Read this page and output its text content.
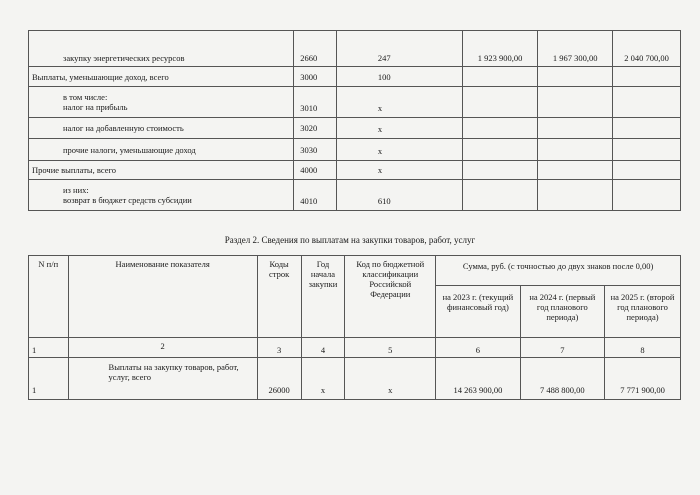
закупку энергетических ресурсов	2660	247	1 923 900,00	1 967 300,00	2 040 700,00
Выплаты, уменьшающие доход, всего	3000	100			

в том числе:
налог на прибыль	3010	x			
налог на добавленную стоимость	3020	x			
прочие налоги, уменьшающие доход	3030	x			
Прочие выплаты, всего	4000	x			

из них:
возврат в бюджет средств субсидии	4010	610			
Раздел 2. Сведения по выплатам на закупки товаров, работ, услуг
N п/п	Наименование показателя	Коды строк	Год начала закупки	Код по бюджетной классификации Российской Федерации	Сумма, руб. (с точностью до двух знаков после 0,00)		
					на 2023 г. (текущий финансовый год)	на 2024 г. (первый год планового периода)	на 2025 г. (второй год планового периода)
1	2	3	4	5	6	7	8
1	Выплаты на закупку товаров, работ, услуг, всего	26000	x	x	14 263 900,00	7 488 800,00	7 771 900,00
